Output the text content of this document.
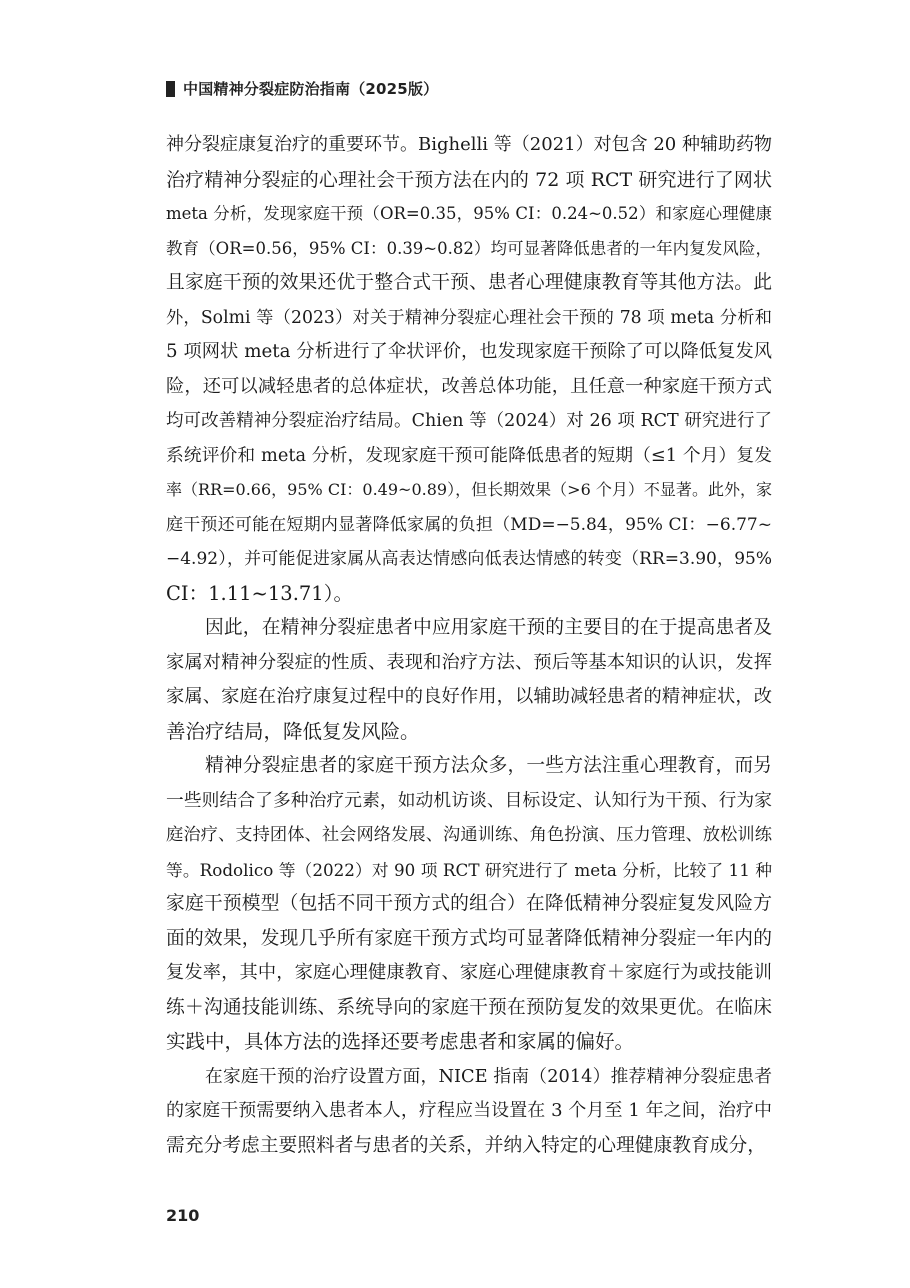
中国精神分裂症防治指南（2025版）
神分裂症康复治疗的重要环节。Bighelli 等（2021）对包含 20 种辅助药物
治疗精神分裂症的心理社会干预方法在内的 72 项 RCT 研究进行了网状
meta 分析，发现家庭干预（OR=0.35，95% CI：0.24~0.52）和家庭心理健康
教育（OR=0.56，95% CI：0.39~0.82）均可显著降低患者的一年内复发风险，
且家庭干预的效果还优于整合式干预、患者心理健康教育等其他方法。此
外，Solmi 等（2023）对关于精神分裂症心理社会干预的 78 项 meta 分析和
5 项网状 meta 分析进行了伞状评价，也发现家庭干预除了可以降低复发风
险，还可以减轻患者的总体症状，改善总体功能，且任意一种家庭干预方式
均可改善精神分裂症治疗结局。Chien 等（2024）对 26 项 RCT 研究进行了
系统评价和 meta 分析，发现家庭干预可能降低患者的短期（≤1 个月）复发
率（RR=0.66，95% CI：0.49~0.89），但长期效果（>6 个月）不显著。此外，家
庭干预还可能在短期内显著降低家属的负担（MD=−5.84，95% CI：−6.77~
−4.92），并可能促进家属从高表达情感向低表达情感的转变（RR=3.90，95%
CI：1.11~13.71）。
因此，在精神分裂症患者中应用家庭干预的主要目的在于提高患者及
家属对精神分裂症的性质、表现和治疗方法、预后等基本知识的认识，发挥
家属、家庭在治疗康复过程中的良好作用，以辅助减轻患者的精神症状，改
善治疗结局，降低复发风险。
精神分裂症患者的家庭干预方法众多，一些方法注重心理教育，而另
一些则结合了多种治疗元素，如动机访谈、目标设定、认知行为干预、行为家
庭治疗、支持团体、社会网络发展、沟通训练、角色扮演、压力管理、放松训练
等。Rodolico 等（2022）对 90 项 RCT 研究进行了 meta 分析，比较了 11 种
家庭干预模型（包括不同干预方式的组合）在降低精神分裂症复发风险方
面的效果，发现几乎所有家庭干预方式均可显著降低精神分裂症一年内的
复发率，其中，家庭心理健康教育、家庭心理健康教育＋家庭行为或技能训
练＋沟通技能训练、系统导向的家庭干预在预防复发的效果更优。在临床
实践中，具体方法的选择还要考虑患者和家属的偏好。
在家庭干预的治疗设置方面，NICE 指南（2014）推荐精神分裂症患者
的家庭干预需要纳入患者本人，疗程应当设置在 3 个月至 1 年之间，治疗中
需充分考虑主要照料者与患者的关系，并纳入特定的心理健康教育成分，
210
